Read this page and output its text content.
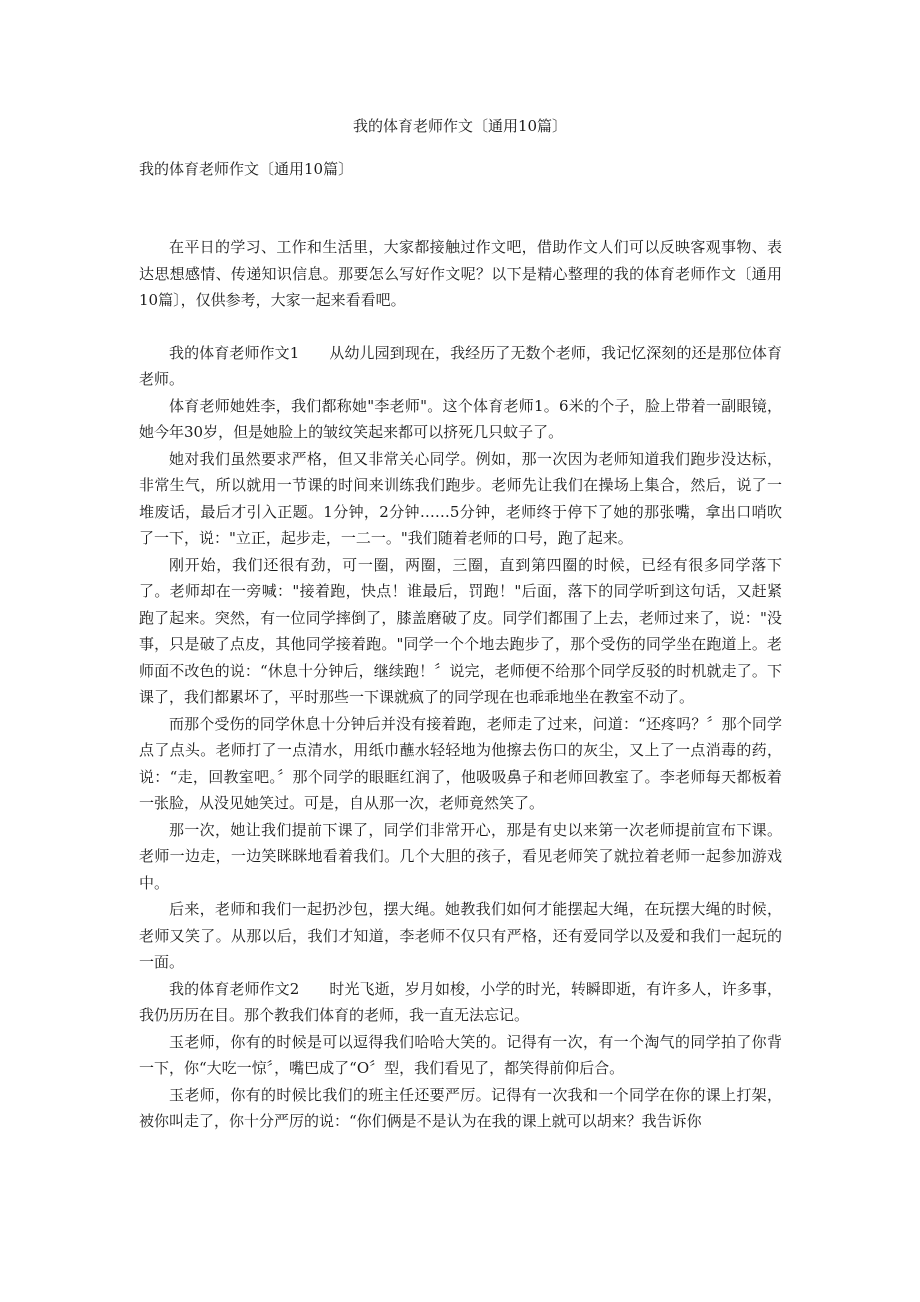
我的体育老师作文〔通用10篇〕
我的体育老师作文〔通用10篇〕

在平日的学习、工作和生活里，大家都接触过作文吧，借助作文人们可以反映客观事物、表达思想感情、传递知识信息。那要怎么写好作文呢？以下是精心整理的我的体育老师作文〔通用10篇〕，仅供参考，大家一起来看看吧。

我的体育老师作文1 从幼儿园到现在，我经历了无数个老师，我记忆深刻的还是那位体育老师。

体育老师她姓李，我们都称她"李老师"。这个体育老师1。6米的个子，脸上带着一副眼镜，她今年30岁，但是她脸上的皱纹笑起来都可以挤死几只蚊子了。

她对我们虽然要求严格，但又非常关心同学。例如，那一次因为老师知道我们跑步没达标，非常生气，所以就用一节课的时间来训练我们跑步。老师先让我们在操场上集合，然后，说了一堆废话，最后才引入正题。1分钟，2分钟……5分钟，老师终于停下了她的那张嘴，拿出口哨吹了一下，说："立正，起步走，一二一。"我们随着老师的口号，跑了起来。

刚开始，我们还很有劲，可一圈，两圈，三圈，直到第四圈的时候，已经有很多同学落下了。老师却在一旁喊："接着跑，快点！谁最后，罚跑！"后面，落下的同学听到这句话，又赶紧跑了起来。突然，有一位同学摔倒了，膝盖磨破了皮。同学们都围了上去，老师过来了，说："没事，只是破了点皮，其他同学接着跑。"同学一个个地去跑步了，那个受伤的同学坐在跑道上。老师面不改色的说：“休息十分钟后，继续跑！〞说完，老师便不给那个同学反驳的时机就走了。下课了，我们都累坏了，平时那些一下课就疯了的同学现在也乖乖地坐在教室不动了。

而那个受伤的同学休息十分钟后并没有接着跑，老师走了过来，问道：“还疼吗？〞那个同学点了点头。老师打了一点清水，用纸巾蘸水轻轻地为他擦去伤口的灰尘，又上了一点消毒的药，说：“走，回教室吧。〞那个同学的眼眶红润了，他吸吸鼻子和老师回教室了。李老师每天都板着一张脸，从没见她笑过。可是，自从那一次，老师竟然笑了。

那一次，她让我们提前下课了，同学们非常开心，那是有史以来第一次老师提前宣布下课。老师一边走，一边笑眯眯地看着我们。几个大胆的孩子，看见老师笑了就拉着老师一起参加游戏中。

后来，老师和我们一起扔沙包，摆大绳。她教我们如何才能摆起大绳，在玩摆大绳的时候，老师又笑了。从那以后，我们才知道，李老师不仅只有严格，还有爱同学以及爱和我们一起玩的一面。

我的体育老师作文2 时光飞逝，岁月如梭，小学的时光，转瞬即逝，有许多人，许多事，我仍历历在目。那个教我们体育的老师，我一直无法忘记。

玉老师，你有的时候是可以逗得我们哈哈大笑的。记得有一次，有一个淘气的同学拍了你背一下，你“大吃一惊〞，嘴巴成了“O〞型，我们看见了，都笑得前仰后合。

玉老师，你有的时候比我们的班主任还要严厉。记得有一次我和一个同学在你的课上打架，被你叫走了，你十分严厉的说：“你们俩是不是认为在我的课上就可以胡来？我告诉你
